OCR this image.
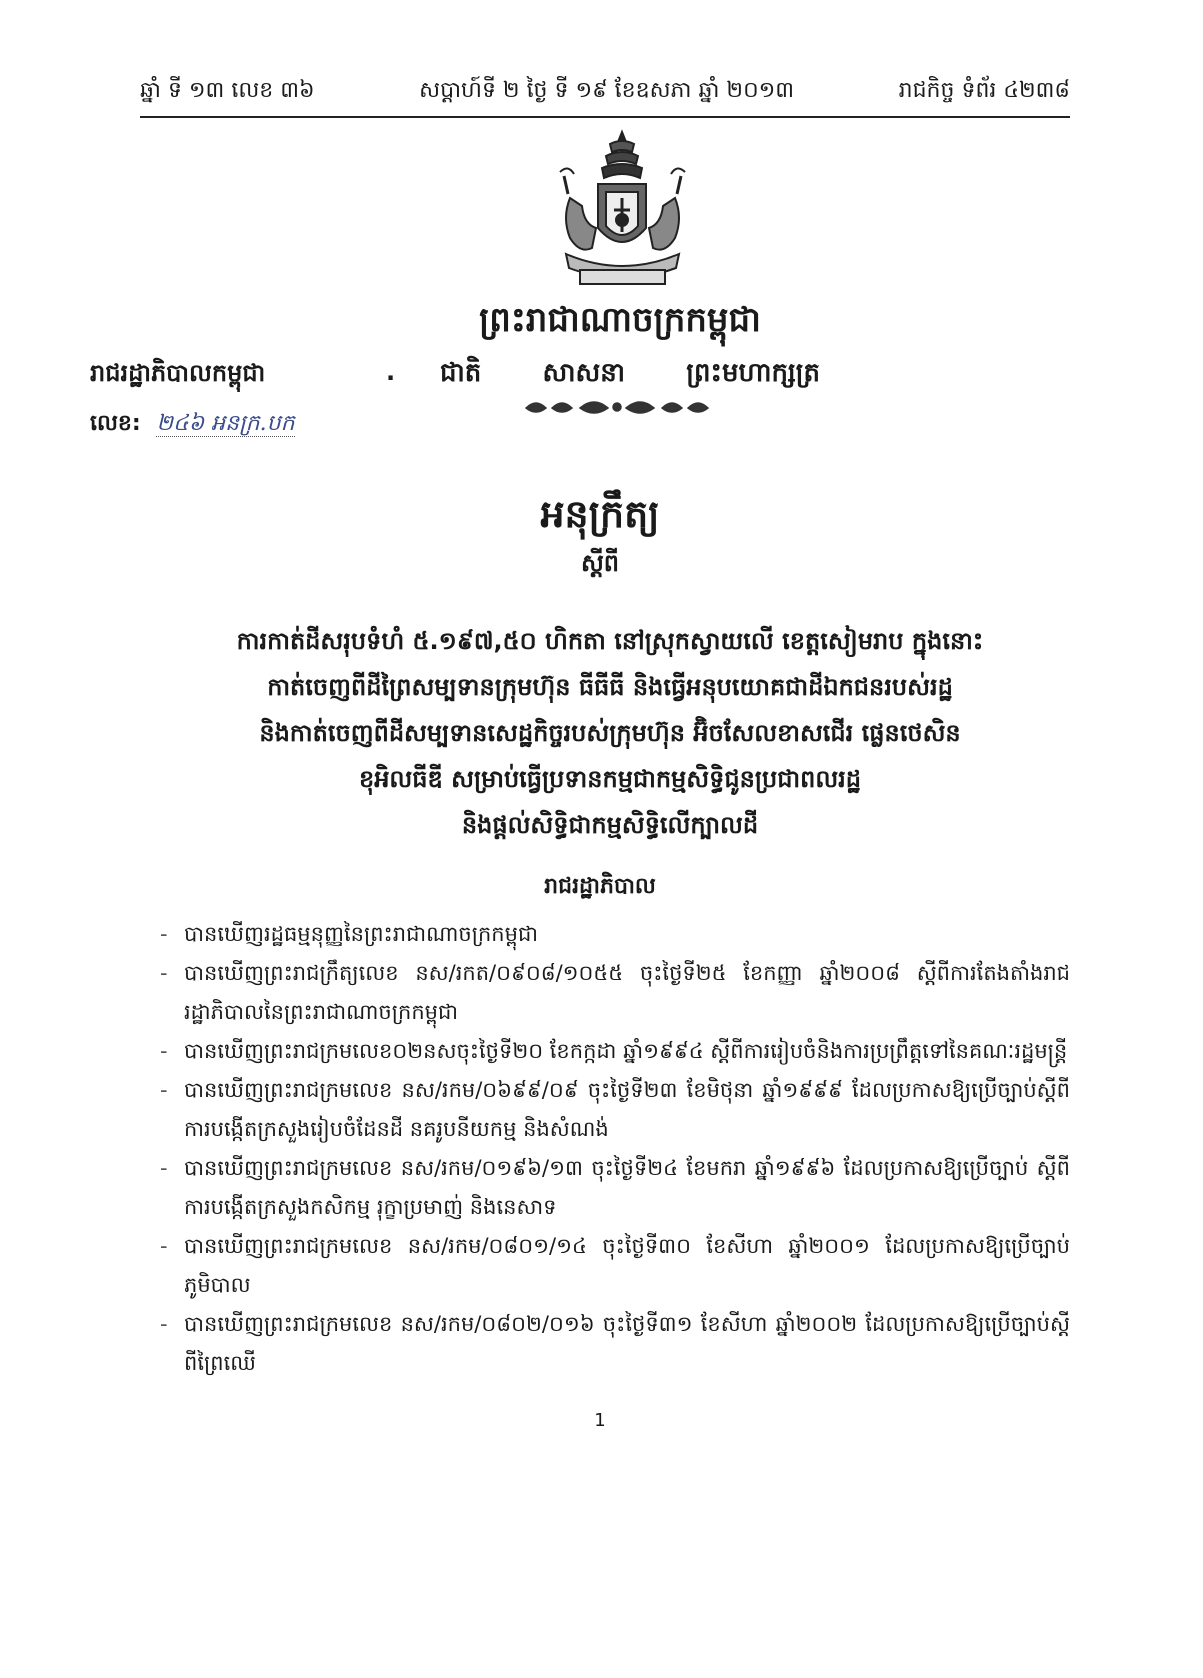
ឆ្នាំ ទី ១៣ លេខ ៣៦	សប្តាហ៍ទី ២ ថ្ងៃ ទី ១៩ ខែឧសភា ឆ្នាំ ២០១៣	រាជកិច្ច ទំព័រ ៤២៣៨
ព្រះរាជាណាចក្រកម្ពុជា
រាជរដ្ឋាភិបាលកម្ពុជា	.
លេខ: ២៤៦ អនក្រ.បក
ជាតិ សាសនា ព្រះមហាក្សត្រ
អនុក្រឹត្យ
ស្តីពី
ការកាត់ដីសរុបទំហំ ៥.១៩៧,៥០ ហិកតា នៅស្រុកស្វាយលើ ខេត្តសៀមរាប ក្នុងនោះ
កាត់ចេញពីដីព្រៃសម្បទានក្រុមហ៊ុន ធីធីធី និងធ្វើអនុបយោគជាដីឯកជនរបស់រដ្ឋ
និងកាត់ចេញពីដីសម្បទានសេដ្ឋកិច្ចរបស់ក្រុមហ៊ុន អ៊ិចសែលខាសជើរ ផ្លេនថេសិន
ខុអិលធីឌី សម្រាប់ធ្វើប្រទានកម្មជាកម្មសិទ្ធិជូនប្រជាពលរដ្ឋ
និងផ្តល់សិទ្ធិជាកម្មសិទ្ធិលើក្បាលដី
រាជរដ្ឋាភិបាល
- បានឃើញរដ្ឋធម្មនុញ្ញនៃព្រះរាជាណាចក្រកម្ពុជា
- បានឃើញព្រះរាជក្រឹត្យលេខ នស/រកត/០៩០៨/១០៥៥ ចុះថ្ងៃទី២៥ ខែកញ្ញា ឆ្នាំ២០០៨ ស្តីពីការតែងតាំងរាជរដ្ឋាភិបាលនៃព្រះរាជាណាចក្រកម្ពុជា
- បានឃើញព្រះរាជក្រមលេខ០២នសចុះថ្ងៃទី២០ ខែកក្កដា ឆ្នាំ១៩៩៤ ស្តីពីការរៀបចំនិងការប្រព្រឹត្តទៅនៃគណៈរដ្ឋមន្ត្រី
- បានឃើញព្រះរាជក្រមលេខ នស/រកម/០៦៩៩/០៩ ចុះថ្ងៃទី២៣ ខែមិថុនា ឆ្នាំ១៩៩៩ ដែលប្រកាសឱ្យប្រើច្បាប់ស្តីពីការបង្កើតក្រសួងរៀបចំដែនដី នគរូបនីយកម្ម និងសំណង់
- បានឃើញព្រះរាជក្រមលេខ នស/រកម/០១៩៦/១៣ ចុះថ្ងៃទី២៤ ខែមករា ឆ្នាំ១៩៩៦ ដែលប្រកាសឱ្យប្រើច្បាប់ ស្តីពីការបង្កើតក្រសួងកសិកម្ម រុក្ខាប្រមាញ់ និងនេសាទ
- បានឃើញព្រះរាជក្រមលេខ នស/រកម/០៨០១/១៤ ចុះថ្ងៃទី៣០ ខែសីហា ឆ្នាំ២០០១ ដែលប្រកាសឱ្យប្រើច្បាប់ភូមិបាល
- បានឃើញព្រះរាជក្រមលេខ នស/រកម/០៨០២/០១៦ ចុះថ្ងៃទី៣១ ខែសីហា ឆ្នាំ២០០២ ដែលប្រកាសឱ្យប្រើច្បាប់ស្តីពីព្រៃឈើ
1
